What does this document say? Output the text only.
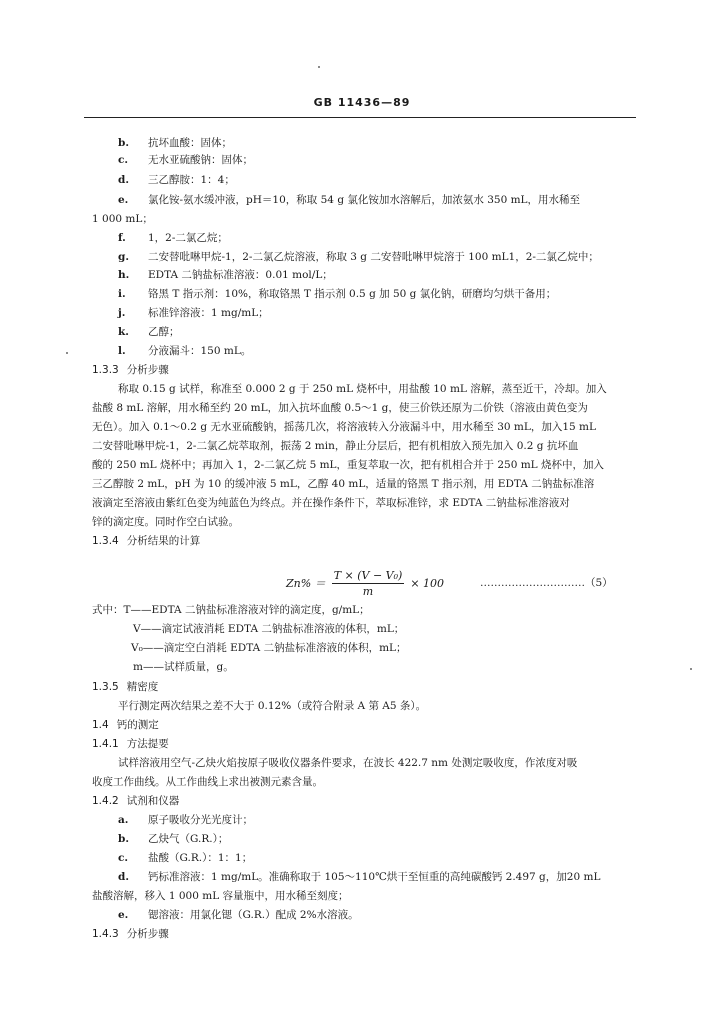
GB 11436—89
b. 抗坏血酸：固体；
c. 无水亚硫酸钠：固体；
d. 三乙醇胺：1：4；
e. 氯化铵-氨水缓冲液，pH＝10，称取 54 g 氯化铵加水溶解后，加浓氨水 350 mL，用水稀至
1 000 mL；
f. 1，2-二氯乙烷；
g. 二安替吡啉甲烷-1，2-二氯乙烷溶液，称取 3 g 二安替吡啉甲烷溶于 100 mL1，2-二氯乙烷中；
h. EDTA 二钠盐标准溶液：0.01 mol/L；
i. 铬黑 T 指示剂：10%，称取铬黑 T 指示剂 0.5 g 加 50 g 氯化钠，研磨均匀烘干备用；
j. 标准锌溶液：1 mg/mL；
k. 乙醇；
l. 分液漏斗：150 mL。
1.3.3 分析步骤
称取 0.15 g 试样，称准至 0.000 2 g 于 250 mL 烧杯中，用盐酸 10 mL 溶解，蒸至近干，冷却。加入
盐酸 8 mL 溶解，用水稀至约 20 mL，加入抗坏血酸 0.5～1 g，使三价铁还原为二价铁（溶液由黄色变为
无色）。加入 0.1～0.2 g 无水亚硫酸钠，摇荡几次，将溶液转入分液漏斗中，用水稀至 30 mL，加入15 mL
二安替吡啉甲烷-1，2-二氯乙烷萃取剂，振荡 2 min，静止分层后，把有机相放入预先加入 0.2 g 抗坏血
酸的 250 mL 烧杯中；再加入 1，2-二氯乙烷 5 mL，重复萃取一次，把有机相合并于 250 mL 烧杯中，加入
三乙醇胺 2 mL，pH 为 10 的缓冲液 5 mL，乙醇 40 mL，适量的铬黑 T 指示剂，用 EDTA 二钠盐标准溶
液滴定至溶液由紫红色变为纯蓝色为终点。并在操作条件下，萃取标准锌，求 EDTA 二钠盐标准溶液对
锌的滴定度。同时作空白试验。
1.3.4 分析结果的计算
$Zn\% = \frac{\text{T × (V − V₀)}}{m} \times 100$	…………………………（5）
式中：T——EDTA 二钠盐标准溶液对锌的滴定度，g/mL；
V——滴定试液消耗 EDTA 二钠盐标准溶液的体积，mL；
V₀——滴定空白消耗 EDTA 二钠盐标准溶液的体积，mL；
m——试样质量，g。
1.3.5 精密度
平行测定两次结果之差不大于 0.12%（或符合附录 A 第 A5 条）。
1.4 钙的测定
1.4.1 方法提要
试样溶液用空气-乙炔火焰按原子吸收仪器条件要求，在波长 422.7 nm 处测定吸收度，作浓度对吸
收度工作曲线。从工作曲线上求出被测元素含量。
1.4.2 试剂和仪器
a. 原子吸收分光光度计；
b. 乙炔气（G.R.）；
c. 盐酸（G.R.）：1：1；
d. 钙标准溶液：1 mg/mL。准确称取于 105～110℃烘干至恒重的高纯碳酸钙 2.497 g，加20 mL
盐酸溶解，移入 1 000 mL 容量瓶中，用水稀至刻度；
e. 锶溶液：用氯化锶（G.R.）配成 2%水溶液。
1.4.3 分析步骤
